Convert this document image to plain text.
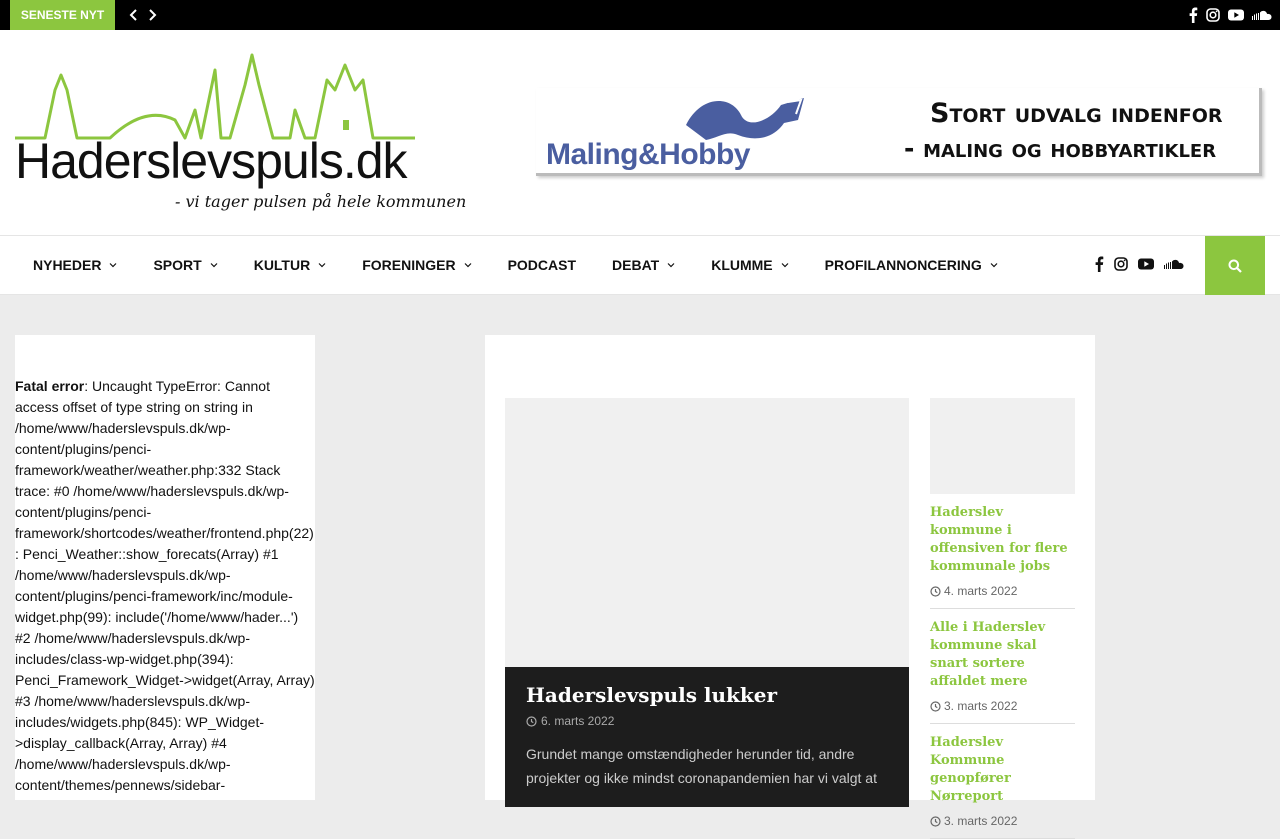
SENESTE NYT
Haderslevspuls.dk
- vi tager pulsen på hele kommunen
Maling&Hobby
Stort udvalg indenfor
- maling og hobbyartikler
NYHEDER	SPORT	KULTUR	FORENINGER	PODCAST	DEBAT	KLUMME	PROFILANNONCERING
Fatal error: Uncaught TypeError: Cannot access offset of type string on string in /home/www/haderslevspuls.dk/wp-content/plugins/penci-framework/weather/weather.php:332 Stack trace: #0 /home/www/haderslevspuls.dk/wp-content/plugins/penci-framework/shortcodes/weather/frontend.php(22): Penci_Weather::show_forecats(Array) #1 /home/www/haderslevspuls.dk/wp-content/plugins/penci-framework/inc/module-widget.php(99): include('/home/www/hader...') #2 /home/www/haderslevspuls.dk/wp-includes/class-wp-widget.php(394): Penci_Framework_Widget->widget(Array, Array) #3 /home/www/haderslevspuls.dk/wp-includes/widgets.php(845): WP_Widget->display_callback(Array, Array) #4 /home/www/haderslevspuls.dk/wp-content/themes/pennews/sidebar-
Haderslevspuls lukker
6. marts 2022
Grundet mange omstændigheder herunder tid, andre projekter og ikke mindst coronapandemien har vi valgt at
Haderslev kommune i offensiven for flere kommunale jobs
4. marts 2022
Alle i Haderslev kommune skal snart sortere affaldet mere
3. marts 2022
Haderslev Kommune genopfører Nørreport
3. marts 2022
